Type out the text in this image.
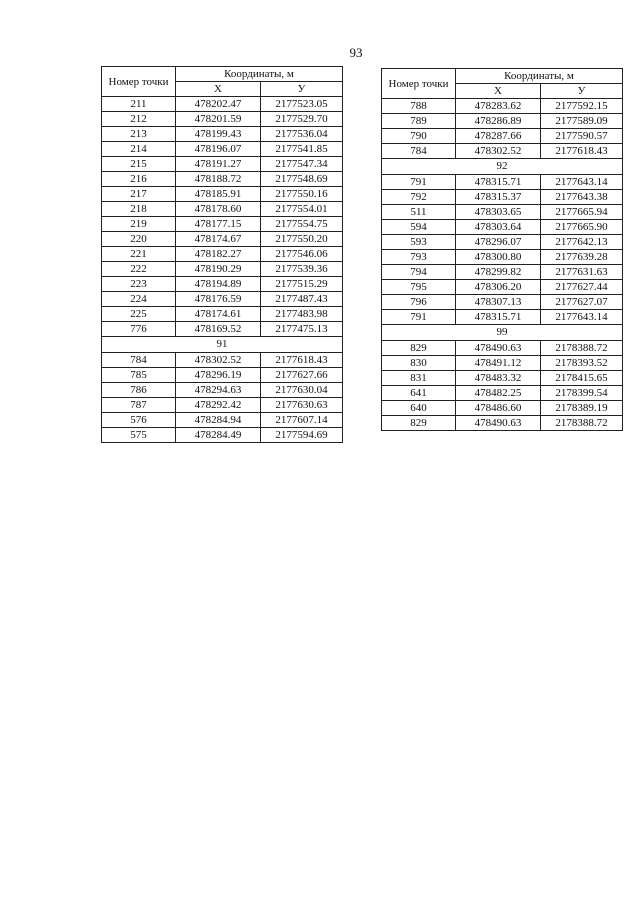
93
Номер точки	Координаты, м	
	Х	У
211	478202.47	2177523.05
212	478201.59	2177529.70
213	478199.43	2177536.04
214	478196.07	2177541.85
215	478191.27	2177547.34
216	478188.72	2177548.69
217	478185.91	2177550.16
218	478178.60	2177554.01
219	478177.15	2177554.75
220	478174.67	2177550.20
221	478182.27	2177546.06
222	478190.29	2177539.36
223	478194.89	2177515.29
224	478176.59	2177487.43
225	478174.61	2177483.98
776	478169.52	2177475.13
91		
784	478302.52	2177618.43
785	478296.19	2177627.66
786	478294.63	2177630.04
787	478292.42	2177630.63
576	478284.94	2177607.14
575	478284.49	2177594.69
Номер точки	Координаты, м	
	Х	У
788	478283.62	2177592.15
789	478286.89	2177589.09
790	478287.66	2177590.57
784	478302.52	2177618.43
92		
791	478315.71	2177643.14
792	478315.37	2177643.38
511	478303.65	2177665.94
594	478303.64	2177665.90
593	478296.07	2177642.13
793	478300.80	2177639.28
794	478299.82	2177631.63
795	478306.20	2177627.44
796	478307.13	2177627.07
791	478315.71	2177643.14
99		
829	478490.63	2178388.72
830	478491.12	2178393.52
831	478483.32	2178415.65
641	478482.25	2178399.54
640	478486.60	2178389.19
829	478490.63	2178388.72
